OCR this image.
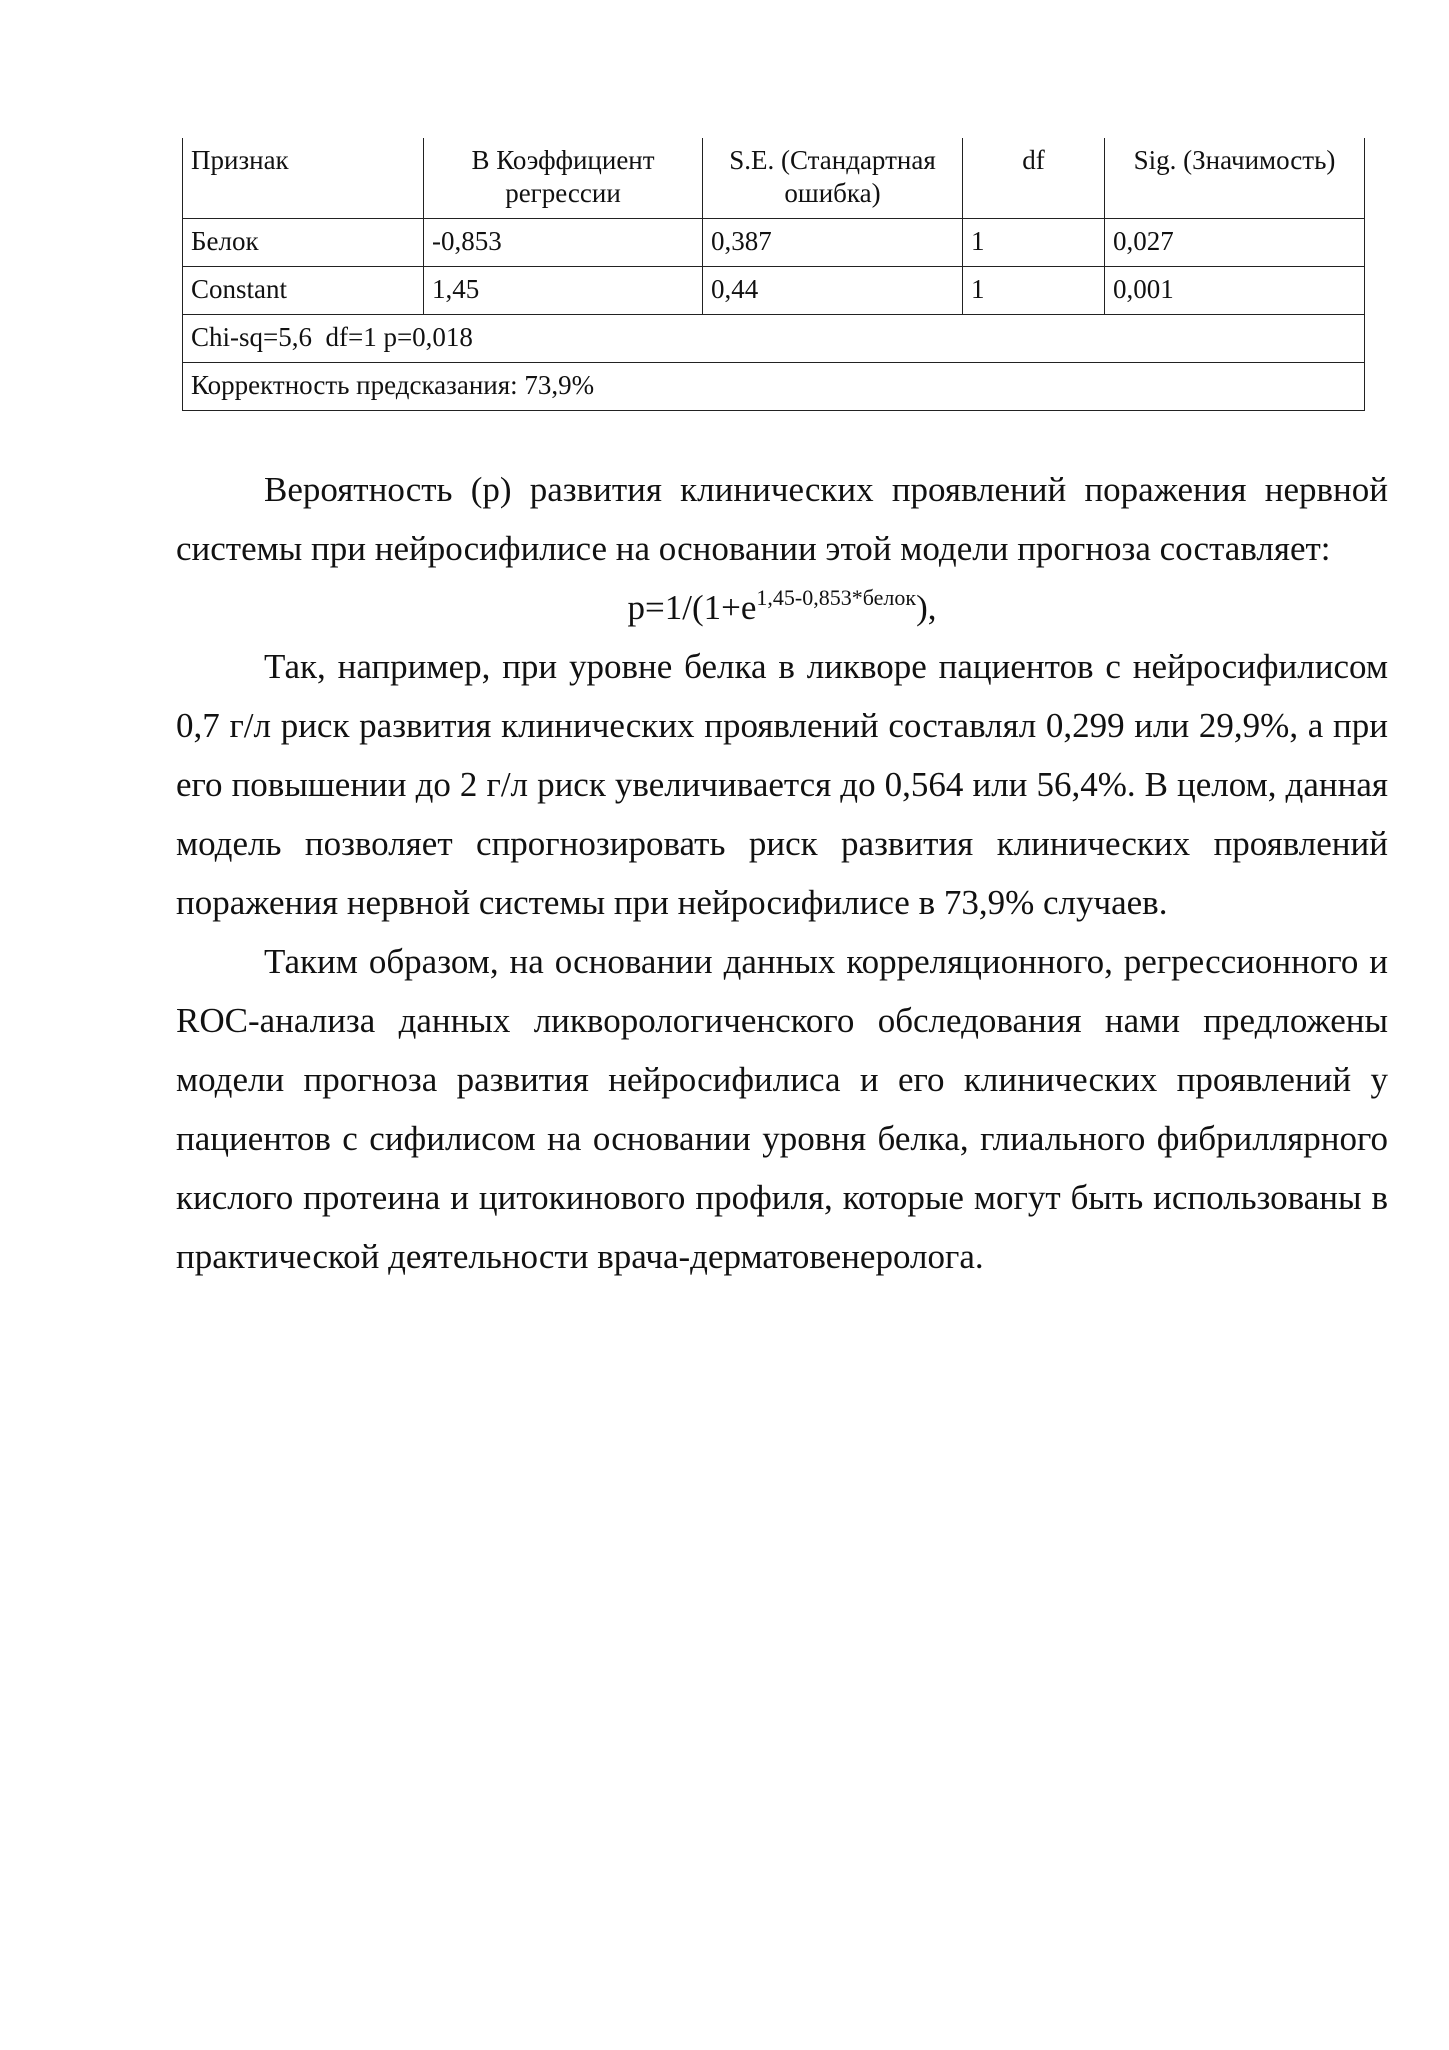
Признак	В Коэффициент регрессии	S.E. (Стандартная ошибка)	df	Sig. (Значимость)
Белок	-0,853	0,387	1	0,027
Constant	1,45	0,44	1	0,001
Chi-sq=5,6  df=1 p=0,018				
Корректность предсказания: 73,9%				

Вероятность (р) развития клинических проявлений поражения нервной системы при нейросифилисе на основании этой модели прогноза составляет:

$p=1/(1+e^{1,45-0,853*белок})$,

Так, например, при уровне белка в ликворе пациентов с нейросифилисом 0,7 г/л риск развития клинических проявлений составлял 0,299 или 29,9%, а при его повышении до 2 г/л риск увеличивается до 0,564 или 56,4%. В целом, данная модель позволяет спрогнозировать риск развития клинических проявлений поражения нервной системы при нейросифилисе в 73,9% случаев.

Таким образом, на основании данных корреляционного, регрессионного и ROC-анализа данных ликворологиченского обследования нами предложены модели прогноза развития нейросифилиса и его клинических проявлений у пациентов с сифилисом на основании уровня белка, глиального фибриллярного кислого протеина и цитокинового профиля, которые могут быть использованы в практической деятельности врача-дерматовенеролога.
